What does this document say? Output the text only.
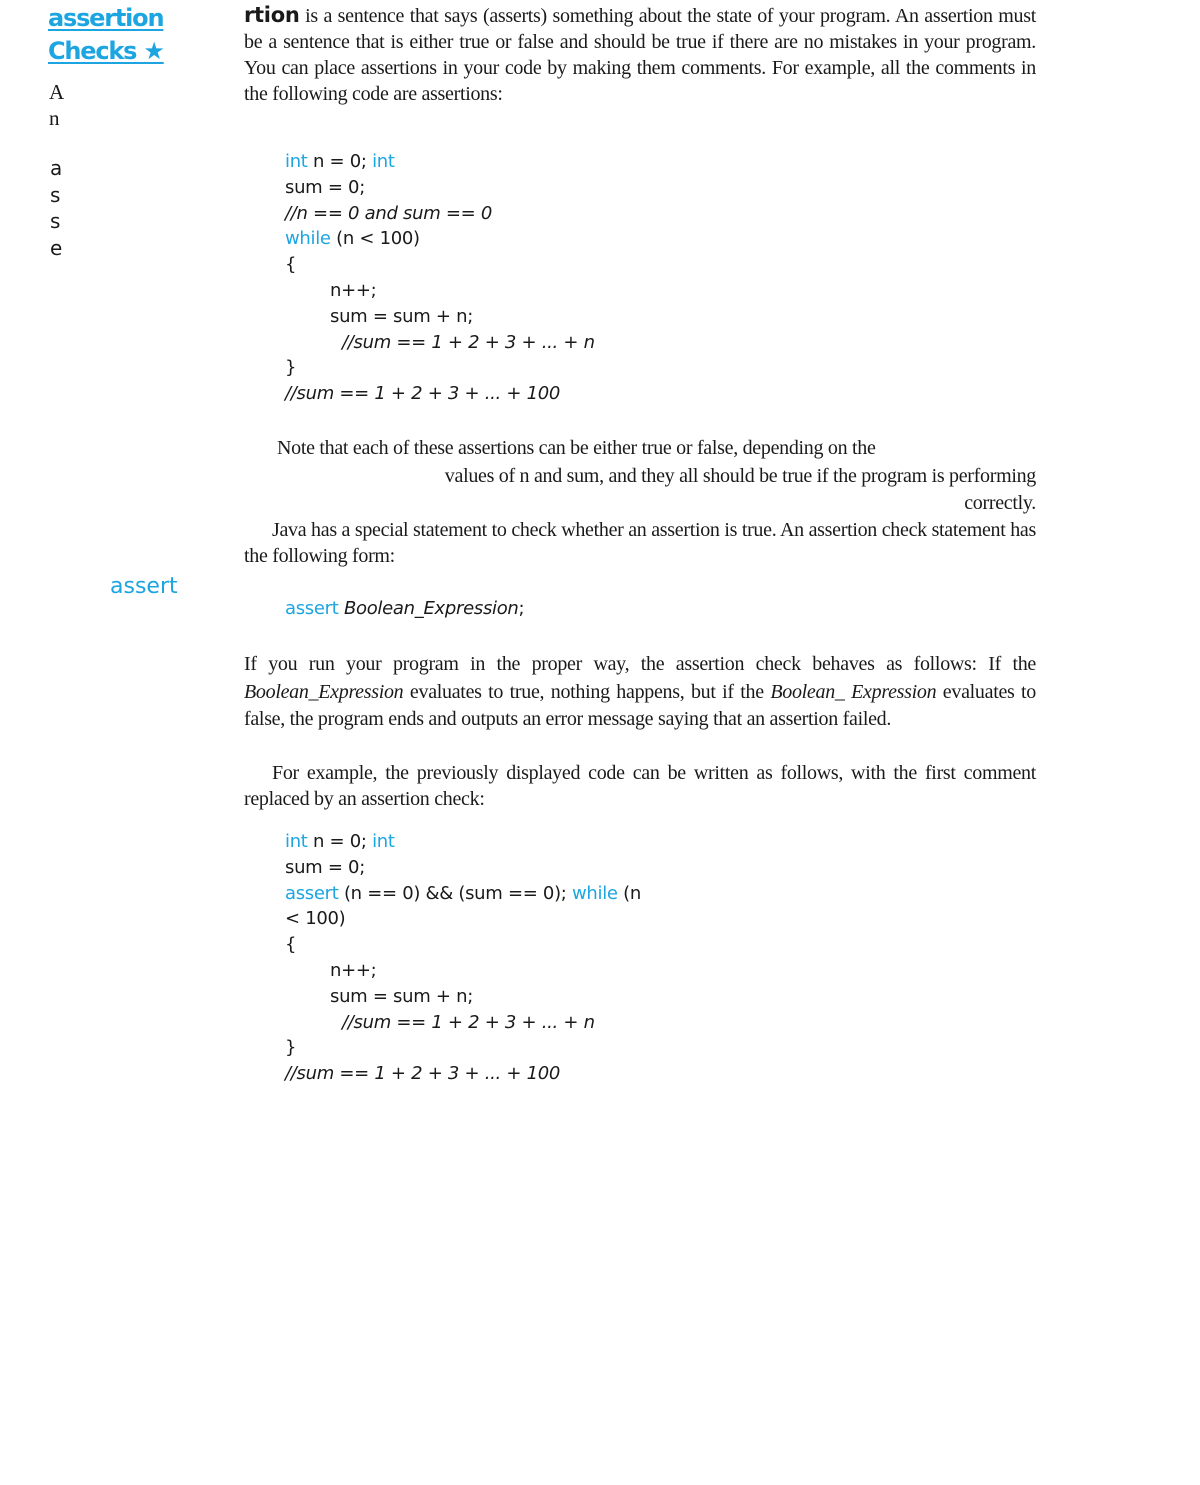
assertion
Checks ★
A
n
a
s
s
e
assert
rtion is a sentence that says (asserts) something about the state of your program. An assertion must be a sentence that is either true or false and should be true if there are no mistakes in your program. You can place assertions in your code by making them comments. For example, all the comments in the following code are assertions:
int n = 0; int
sum = 0;
//n == 0 and sum == 0
while (n < 100)
{
n++;
sum = sum + n;
//sum == 1 + 2 + 3 + ... + n
}
//sum == 1 + 2 + 3 + ... + 100
Note that each of these assertions can be either true or false, depending on the
values of n and sum, and they all should be true if the program is performing
correctly.
Java has a special statement to check whether an assertion is true. An assertion check statement has the following form:
assert Boolean_Expression;
If you run your program in the proper way, the assertion check behaves as follows: If the Boolean_Expression evaluates to true, nothing happens, but if the Boolean_ Expression evaluates to false, the program ends and outputs an error message saying that an assertion failed.
For example, the previously displayed code can be written as follows, with the first comment replaced by an assertion check:
int n = 0; int
sum = 0;
assert (n == 0) && (sum == 0); while (n
< 100)
{
n++;
sum = sum + n;
//sum == 1 + 2 + 3 + ... + n
}
//sum == 1 + 2 + 3 + ... + 100
